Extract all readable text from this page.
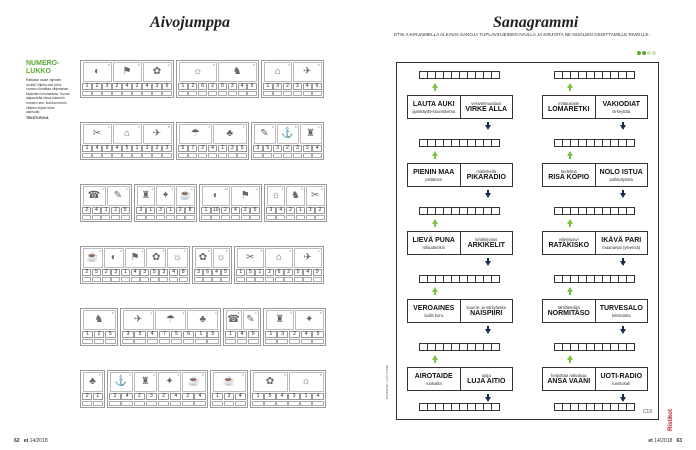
Aivojumppa
NUMERO-LUKKO
Ratkaise lause viljeiden avulla! Viljeku-van pieni numero ilmoittaa vihjesanan kirjainten lukumaaran. Kuvan alapuolella oleva lukemiin numero sen, kuinka mones vihjeen kirjain tulee alarivulle.
TEKSTI:RUVA
◐
5
⚑
5
✿
4
1	2	3	2	4	2	4	3	6
☼
5
♞
5
1	2	6	2	5	3	4	5
⌂
5
✈
6
1	3	2	3	4	6
✂
4
⌂
5
✈
5
1	4	9	4	5	1	3	2	3
☂
5
♣
4
5	7	2	4	1	3	5
✎
5
⚓
4
♜
4
3	5	3	2	3	3	4
☎
4
✎
4
2	4	1	2	5
♜
4
✦
4
☕
4
3	1	3	1	2	8
◐
10
⚑
4
1	10	2	4	3	5
☼
3
♞
3
✂
4
3	4	2	1	3	2
☕
6
◐
4
⚑
4
✿
6
☼
4
2	5	2	3	1	4	3	5	3	4	8
✿
5
☼
5
3	6	4	5
✂
5
⌂
4
✈
4
1	5	1	2	6	2	5	4	9
♞
6
1	2	5
✈
4
☂
4
♣
4
3	5	4	7	5	6	1	5
☎
5
✎
4
1	4	5
♜
5
✦
5
1	3	2	4	5
♣
3
2	1
⚓
5
♜
6
✦
4
☕
6
2	4	2	3	2	4	2	4
☕
4
1	3	4
✿
5
☼
5
1	5	4	3	1	4
62 et 14/2018
Sanagrammi
ETSI A-KIRJAIMELLA ALKAVIA SANOJA TUPLAVIHJEIDEN AVULLA JA KIRJOITA NE NUOLIEN OSOITTAMILLE RIVEILLE.
RAKENNE: LAATIJANIMI
Ristikot
C18
LAUTA AUKI
ajankäyttö-suunnitelma
vesivärimaalaus
VIRKE ALLA
PIENIN MAA
pistäinen
mietiskellä
PIKARADIO
LIEVÄ PUNA
rollaattorikin
lehtikirjoitus
ARKIKELIT
VEROAINES
kallis koru
kuume- ja särkylääke
NAISPIIRI
AIROTAIDE
ruokailla
ajaja
LUJA AITIO
mittauslaite
LOMARETKI
VAKIODIAT
virkeyttää
hedelmä
RISA KOPIO
NOLO ISTUA
palkkatyöstä
viljelykasvi
RATAKISKO
IKÄVÄ PARI
maanantai (yleensä)
tähtitieteilijä
NORMITASO
TURVESALO
kritisointia
helpottaa ratkaisua
ANSA VAANI
UOTI-RADIO
luentosali
et 14/2018 63
